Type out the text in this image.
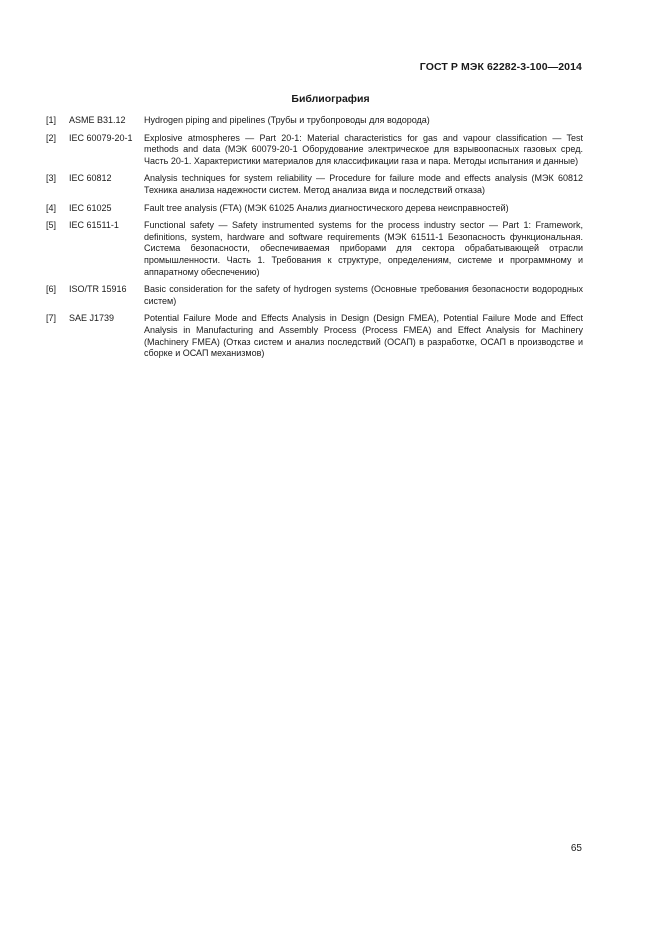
ГОСТ Р МЭК 62282-3-100—2014
Библиография
[1]	ASME B31.12	Hydrogen piping and pipelines (Трубы и трубопроводы для водорода)
[2]	IEC 60079-20-1	Explosive atmospheres — Part 20-1: Material characteristics for gas and vapour classification — Test methods and data (МЭК 60079-20-1 Оборудование электрическое для взрывоопасных газовых сред. Часть 20-1. Характеристики материалов для классификации газа и пара. Методы испытания и данные)
[3]	IEC 60812	Analysis techniques for system reliability — Procedure for failure mode and effects analysis (МЭК 60812 Техника анализа надежности систем. Метод анализа вида и последствий отказа)
[4]	IEC 61025	Fault tree analysis (FTA) (МЭК 61025 Анализ диагностического дерева неисправностей)
[5]	IEC 61511-1	Functional safety — Safety instrumented systems for the process industry sector — Part 1: Framework, definitions, system, hardware and software requirements (МЭК 61511-1 Безопасность функциональная. Система безопасности, обеспечиваемая приборами для сектора обрабатывающей отрасли промышленности. Часть 1. Требования к структуре, определениям, системе и программному и аппаратному обеспечению)
[6]	ISO/TR 15916	Basic consideration for the safety of hydrogen systems (Основные требования безопасности водородных систем)
[7]	SAE J1739	Potential Failure Mode and Effects Analysis in Design (Design FMEA), Potential Failure Mode and Effect Analysis in Manufacturing and Assembly Process (Process FMEA) and Effect Analysis for Machinery (Machinery FMEA) (Отказ систем и анализ последствий (ОСАП) в разработке, ОСАП в производстве и сборке и ОСАП механизмов)
65
